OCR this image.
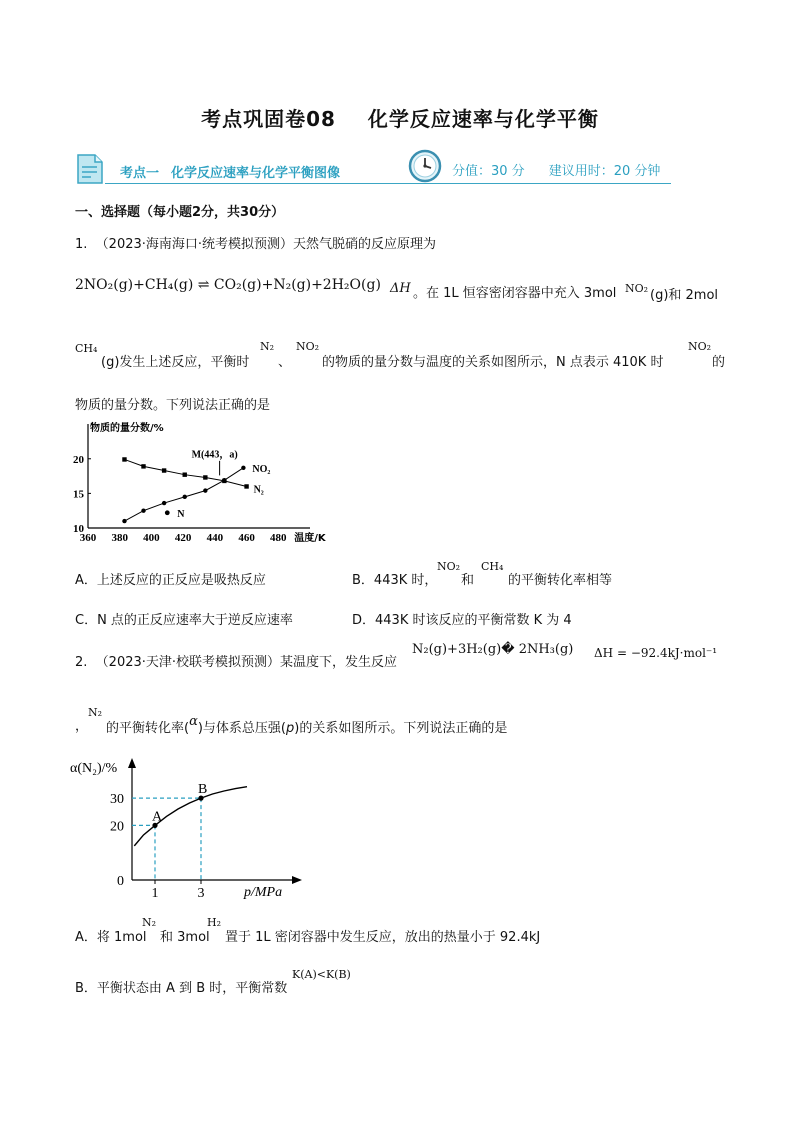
考点巩固卷08 化学反应速率与化学平衡
考点一 化学反应速率与化学平衡图像	分值：30 分 建议用时：20 分钟
一、选择题（每小题2分，共30分）
1. （2023·海南海口·统考模拟预测）天然气脱硝的反应原理为
2NO₂(g)+CH₄(g) ⇌ CO₂(g)+N₂(g)+2H₂O(g) ΔH 。在 1L 恒容密闭容器中充入 3mol NO₂ (g)和 2mol
CH₄
(g)发生上述反应，平衡时
N₂
、
NO₂
的物质的量分数与温度的关系如图所示，N 点表示 410K 时
NO₂
的
物质的量分数。下列说法正确的是
物质的量分数/%
10
15
20
360 380 400 420 440 460 480 温度/K
NO₂
N₂
N
M(443，a)
A．上述反应的正反应是吸热反应	B．443K 时，
NO₂
和
CH₄
的平衡转化率相等
C．N 点的正反应速率大于逆反应速率	D．443K 时该反应的平衡常数 K 为 4
2. （2023·天津·校联考模拟预测）某温度下，发生反应
N₂(g)+3H₂(g)� 2NH₃(g) ΔH = −92.4kJ·mol⁻¹
，
N₂
的平衡转化率(α)与体系总压强(p)的关系如图所示。下列说法正确的是
α(N₂)/%
p/MPa
0
20
30
1	3
A
B
A．将 1mol
N₂
和 3mol
H₂
置于 1L 密闭容器中发生反应，放出的热量小于 92.4kJ
B．平衡状态由 A 到 B 时，平衡常数
K(A)<K(B)
